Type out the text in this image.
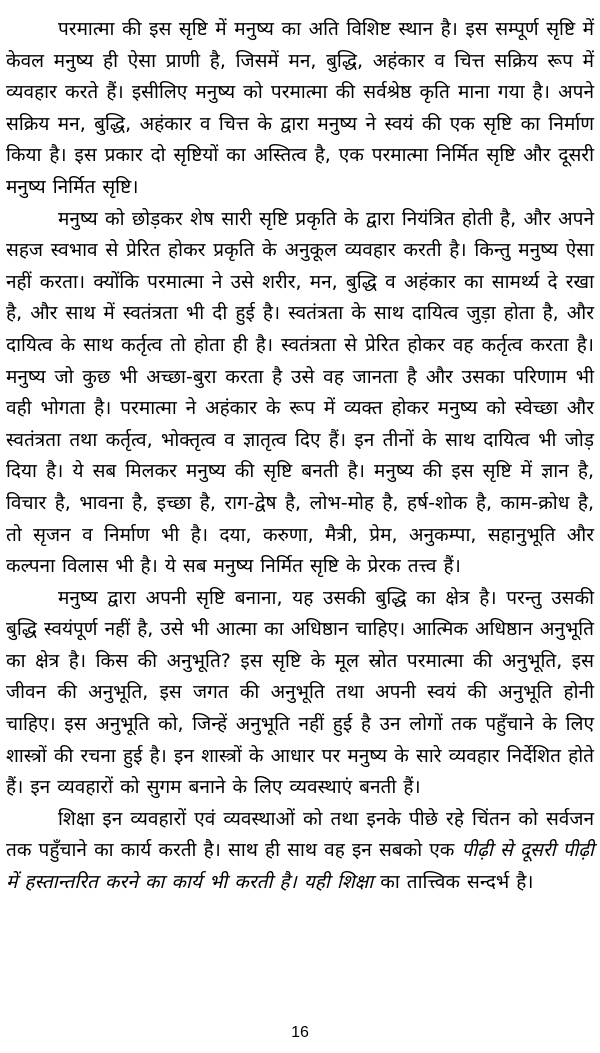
परमात्मा की इस सृष्टि में मनुष्य का अति विशिष्ट स्थान है। इस सम्पूर्ण सृष्टि में केवल मनुष्य ही ऐसा प्राणी है, जिसमें मन, बुद्धि, अहंकार व चित्त सक्रिय रूप में व्यवहार करते हैं। इसीलिए मनुष्य को परमात्मा की सर्वश्रेष्ठ कृति माना गया है। अपने सक्रिय मन, बुद्धि, अहंकार व चित्त के द्वारा मनुष्य ने स्वयं की एक सृष्टि का निर्माण किया है। इस प्रकार दो सृष्टियों का अस्तित्व है, एक परमात्मा निर्मित सृष्टि और दूसरी मनुष्य निर्मित सृष्टि।

मनुष्य को छोड़कर शेष सारी सृष्टि प्रकृति के द्वारा नियंत्रित होती है, और अपने सहज स्वभाव से प्रेरित होकर प्रकृति के अनुकूल व्यवहार करती है। किन्तु मनुष्य ऐसा नहीं करता। क्योंकि परमात्मा ने उसे शरीर, मन, बुद्धि व अहंकार का सामर्थ्य दे रखा है, और साथ में स्वतंत्रता भी दी हुई है। स्वतंत्रता के साथ दायित्व जुड़ा होता है, और दायित्व के साथ कर्तृत्व तो होता ही है। स्वतंत्रता से प्रेरित होकर वह कर्तृत्व करता है। मनुष्य जो कुछ भी अच्छा-बुरा करता है उसे वह जानता है और उसका परिणाम भी वही भोगता है। परमात्मा ने अहंकार के रूप में व्यक्त होकर मनुष्य को स्वेच्छा और स्वतंत्रता तथा कर्तृत्व, भोक्तृत्व व ज्ञातृत्व दिए हैं। इन तीनों के साथ दायित्व भी जोड़ दिया है। ये सब मिलकर मनुष्य की सृष्टि बनती है। मनुष्य की इस सृष्टि में ज्ञान है, विचार है, भावना है, इच्छा है, राग-द्वेष है, लोभ-मोह है, हर्ष-शोक है, काम-क्रोध है, तो सृजन व निर्माण भी है। दया, करुणा, मैत्री, प्रेम, अनुकम्पा, सहानुभूति और कल्पना विलास भी है। ये सब मनुष्य निर्मित सृष्टि के प्रेरक तत्त्व हैं।

मनुष्य द्वारा अपनी सृष्टि बनाना, यह उसकी बुद्धि का क्षेत्र है। परन्तु उसकी बुद्धि स्वयंपूर्ण नहीं है, उसे भी आत्मा का अधिष्ठान चाहिए। आत्मिक अधिष्ठान अनुभूति का क्षेत्र है। किस की अनुभूति? इस सृष्टि के मूल स्रोत परमात्मा की अनुभूति, इस जीवन की अनुभूति, इस जगत की अनुभूति तथा अपनी स्वयं की अनुभूति होनी चाहिए। इस अनुभूति को, जिन्हें अनुभूति नहीं हुई है उन लोगों तक पहुँचाने के लिए शास्त्रों की रचना हुई है। इन शास्त्रों के आधार पर मनुष्य के सारे व्यवहार निर्देशित होते हैं। इन व्यवहारों को सुगम बनाने के लिए व्यवस्थाएं बनती हैं।

शिक्षा इन व्यवहारों एवं व्यवस्थाओं को तथा इनके पीछे रहे चिंतन को सर्वजन तक पहुँचाने का कार्य करती है। साथ ही साथ वह इन सबको एक पीढ़ी से दूसरी पीढ़ी में हस्तान्तरित करने का कार्य भी करती है। यही शिक्षा का तात्त्विक सन्दर्भ है।

16
